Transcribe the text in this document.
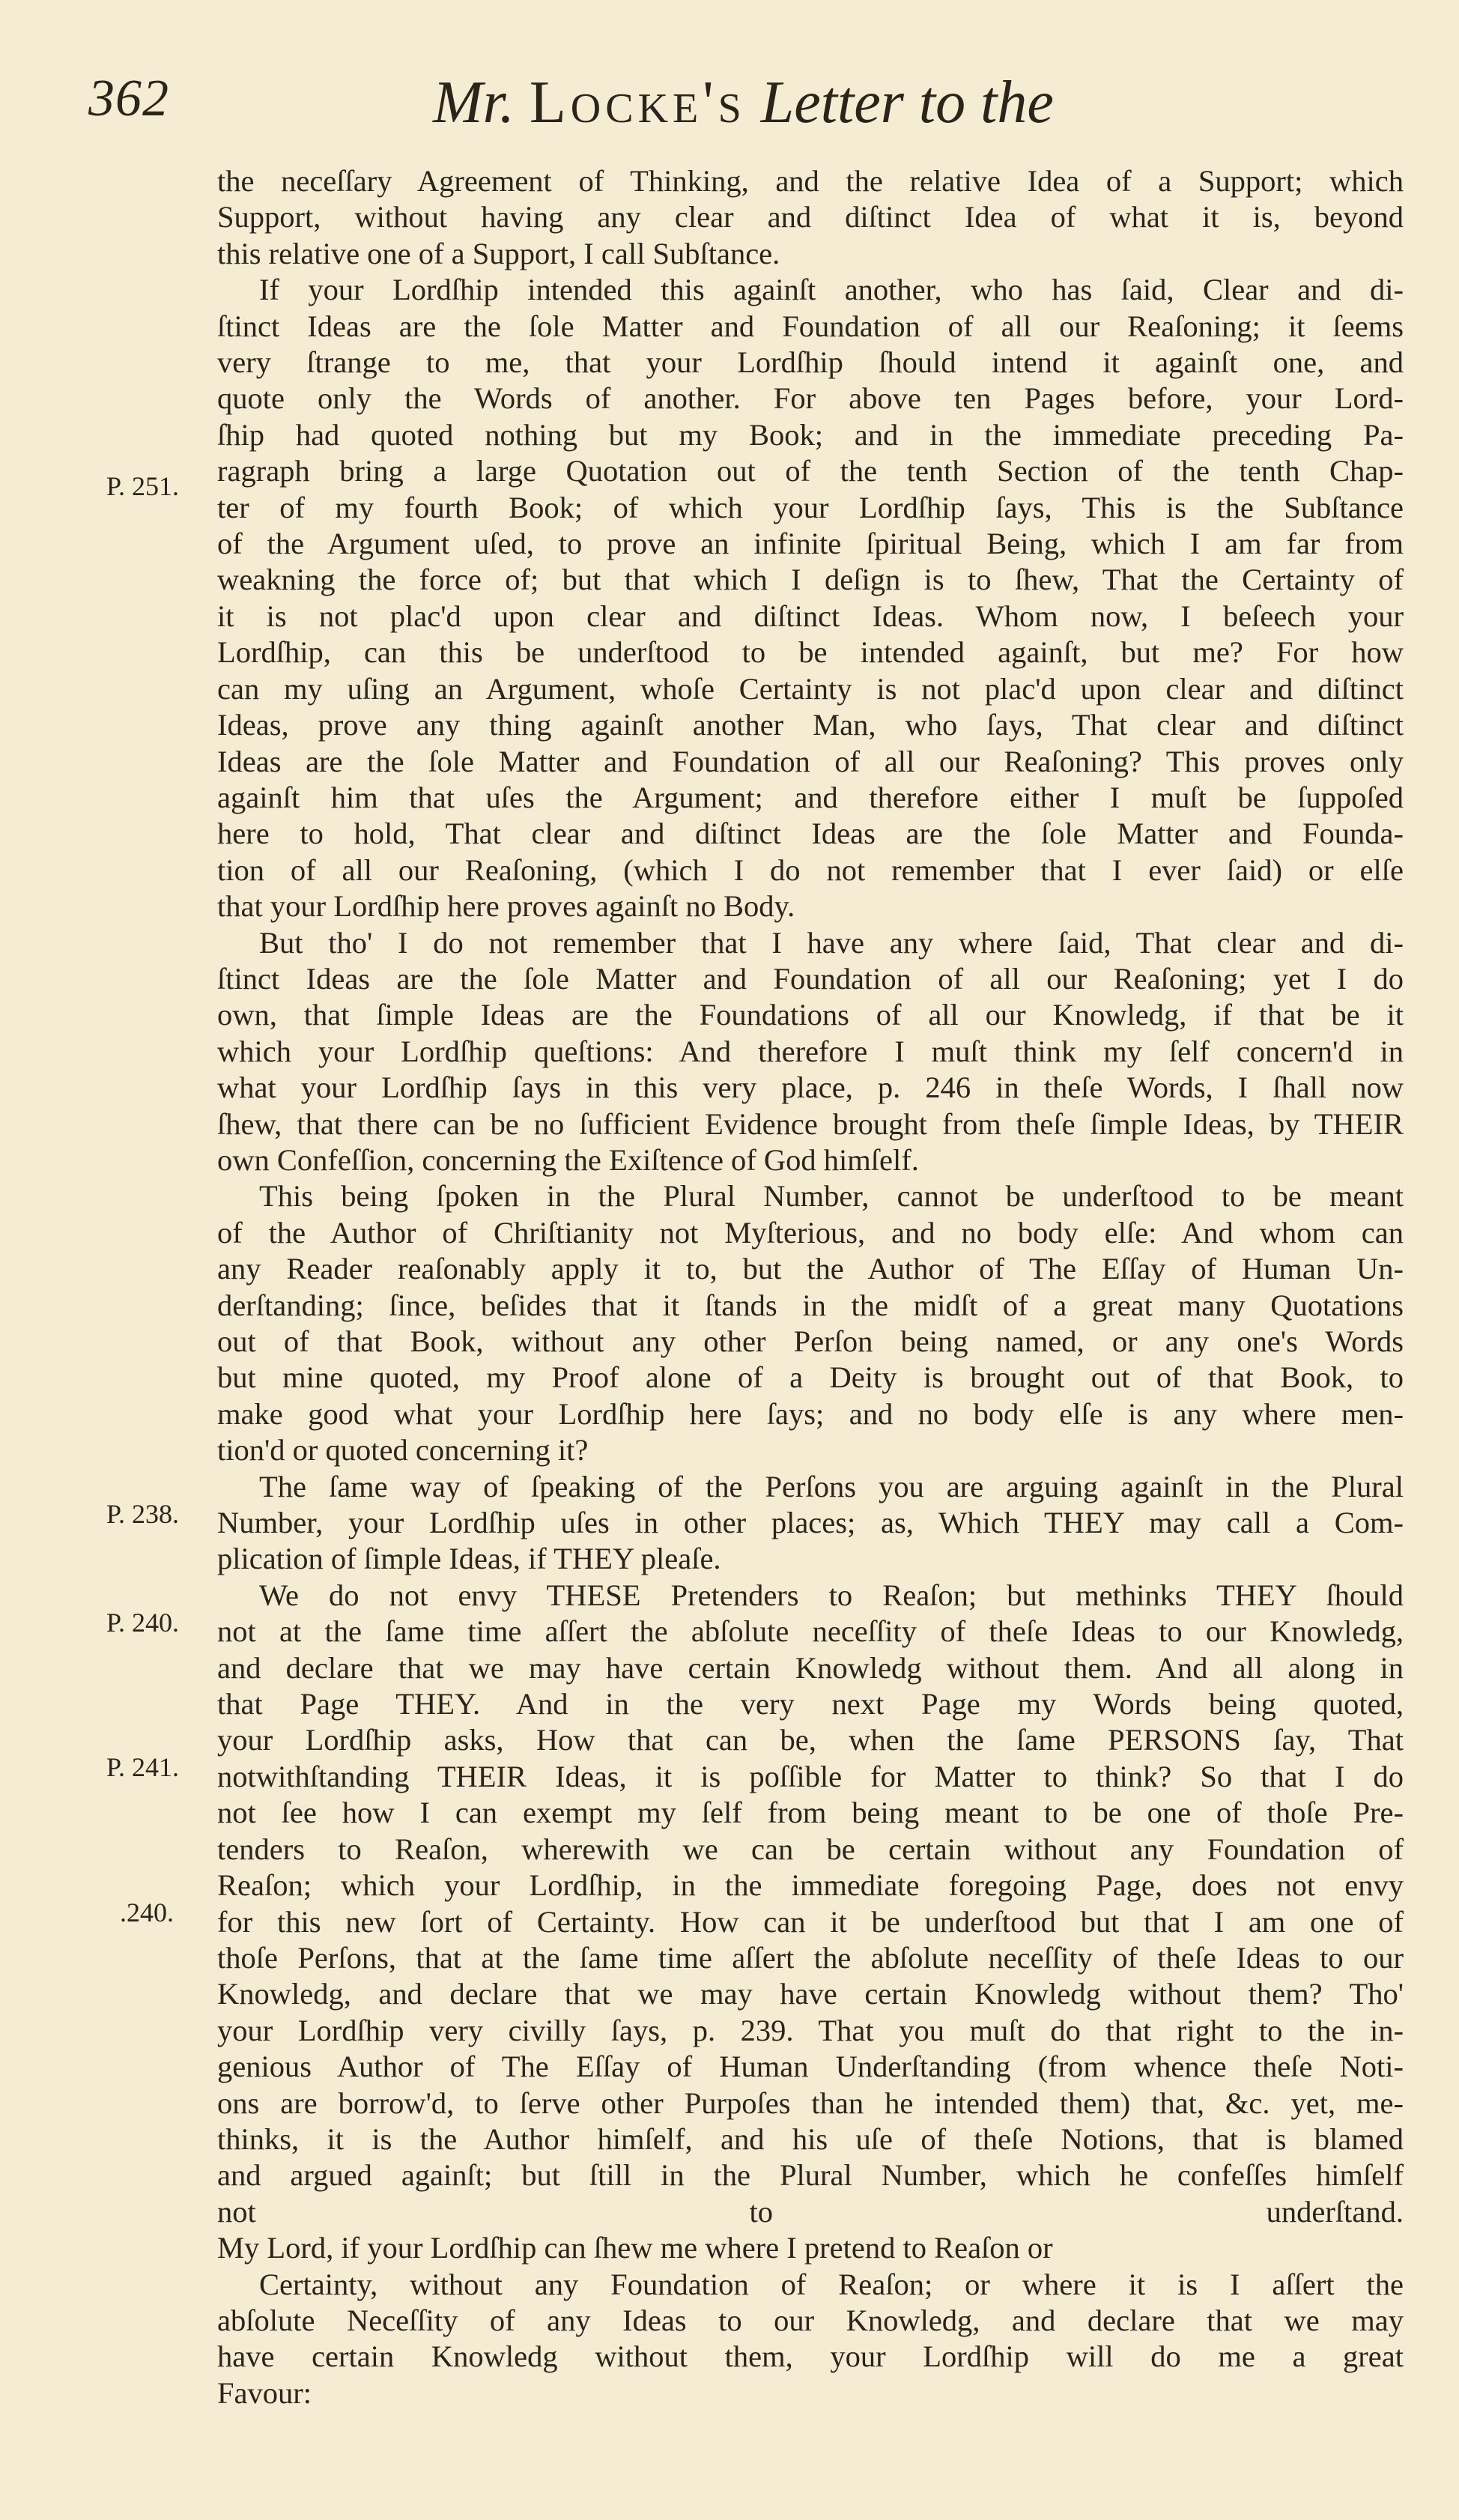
362	Mr. Locke's Letter to the
P. 251.
P. 238.
P. 240.
P. 241.
.240.

the neceſſary Agreement of Thinking, and the relative Idea of a Support; which

Support, without having any clear and diſtinct Idea of what it is, beyond

this relative one of a Support, I call Subſtance.

If your Lordſhip intended this againſt another, who has ſaid, Clear and di-

ſtinct Ideas are the ſole Matter and Foundation of all our Reaſoning; it ſeems

very ſtrange to me, that your Lordſhip ſhould intend it againſt one, and

quote only the Words of another. For above ten Pages before, your Lord-

ſhip had quoted nothing but my Book; and in the immediate preceding Pa-

ragraph bring a large Quotation out of the tenth Section of the tenth Chap-

ter of my fourth Book; of which your Lordſhip ſays, This is the Subſtance

of the Argument uſed, to prove an infinite ſpiritual Being, which I am far from

weakning the force of; but that which I deſign is to ſhew, That the Certainty of

it is not plac'd upon clear and diſtinct Ideas. Whom now, I beſeech your

Lordſhip, can this be underſtood to be intended againſt, but me? For how

can my uſing an Argument, whoſe Certainty is not plac'd upon clear and diſtinct

Ideas, prove any thing againſt another Man, who ſays, That clear and diſtinct

Ideas are the ſole Matter and Foundation of all our Reaſoning? This proves only

againſt him that uſes the Argument; and therefore either I muſt be ſuppoſed

here to hold, That clear and diſtinct Ideas are the ſole Matter and Founda-

tion of all our Reaſoning, (which I do not remember that I ever ſaid) or elſe

that your Lordſhip here proves againſt no Body.

But tho' I do not remember that I have any where ſaid, That clear and di-

ſtinct Ideas are the ſole Matter and Foundation of all our Reaſoning; yet I do

own, that ſimple Ideas are the Foundations of all our Knowledg, if that be it

which your Lordſhip queſtions: And therefore I muſt think my ſelf concern'd in

what your Lordſhip ſays in this very place, p. 246 in theſe Words, I ſhall now

ſhew, that there can be no ſufficient Evidence brought from theſe ſimple Ideas, by THEIR

own Confeſſion, concerning the Exiſtence of God himſelf.

This being ſpoken in the Plural Number, cannot be underſtood to be meant

of the Author of Chriſtianity not Myſterious, and no body elſe: And whom can

any Reader reaſonably apply it to, but the Author of The Eſſay of Human Un-

derſtanding; ſince, beſides that it ſtands in the midſt of a great many Quotations

out of that Book, without any other Perſon being named, or any one's Words

but mine quoted, my Proof alone of a Deity is brought out of that Book, to

make good what your Lordſhip here ſays; and no body elſe is any where men-

tion'd or quoted concerning it?

The ſame way of ſpeaking of the Perſons you are arguing againſt in the Plural

Number, your Lordſhip uſes in other places; as, Which THEY may call a Com-

plication of ſimple Ideas, if THEY pleaſe.

We do not envy THESE Pretenders to Reaſon; but methinks THEY ſhould

not at the ſame time aſſert the abſolute neceſſity of theſe Ideas to our Knowledg,

and declare that we may have certain Knowledg without them. And all along in

that Page THEY. And in the very next Page my Words being quoted,

your Lordſhip asks, How that can be, when the ſame PERSONS ſay, That

notwithſtanding THEIR Ideas, it is poſſible for Matter to think? So that I do

not ſee how I can exempt my ſelf from being meant to be one of thoſe Pre-

tenders to Reaſon, wherewith we can be certain without any Foundation of

Reaſon; which your Lordſhip, in the immediate foregoing Page, does not envy

for this new ſort of Certainty. How can it be underſtood but that I am one of

thoſe Perſons, that at the ſame time aſſert the abſolute neceſſity of theſe Ideas to our

Knowledg, and declare that we may have certain Knowledg without them? Tho'

your Lordſhip very civilly ſays, p. 239. That you muſt do that right to the in-

genious Author of The Eſſay of Human Underſtanding (from whence theſe Noti-

ons are borrow'd, to ſerve other Purpoſes than he intended them) that, &c. yet, me-

thinks, it is the Author himſelf, and his uſe of theſe Notions, that is blamed

and argued againſt; but ſtill in the Plural Number, which he confeſſes himſelf

not to underſtand.

My Lord, if your Lordſhip can ſhew me where I pretend to Reaſon or

Certainty, without any Foundation of Reaſon; or where it is I aſſert the

abſolute Neceſſity of any Ideas to our Knowledg, and declare that we may

have certain Knowledg without them, your Lordſhip will do me a great

Favour:
